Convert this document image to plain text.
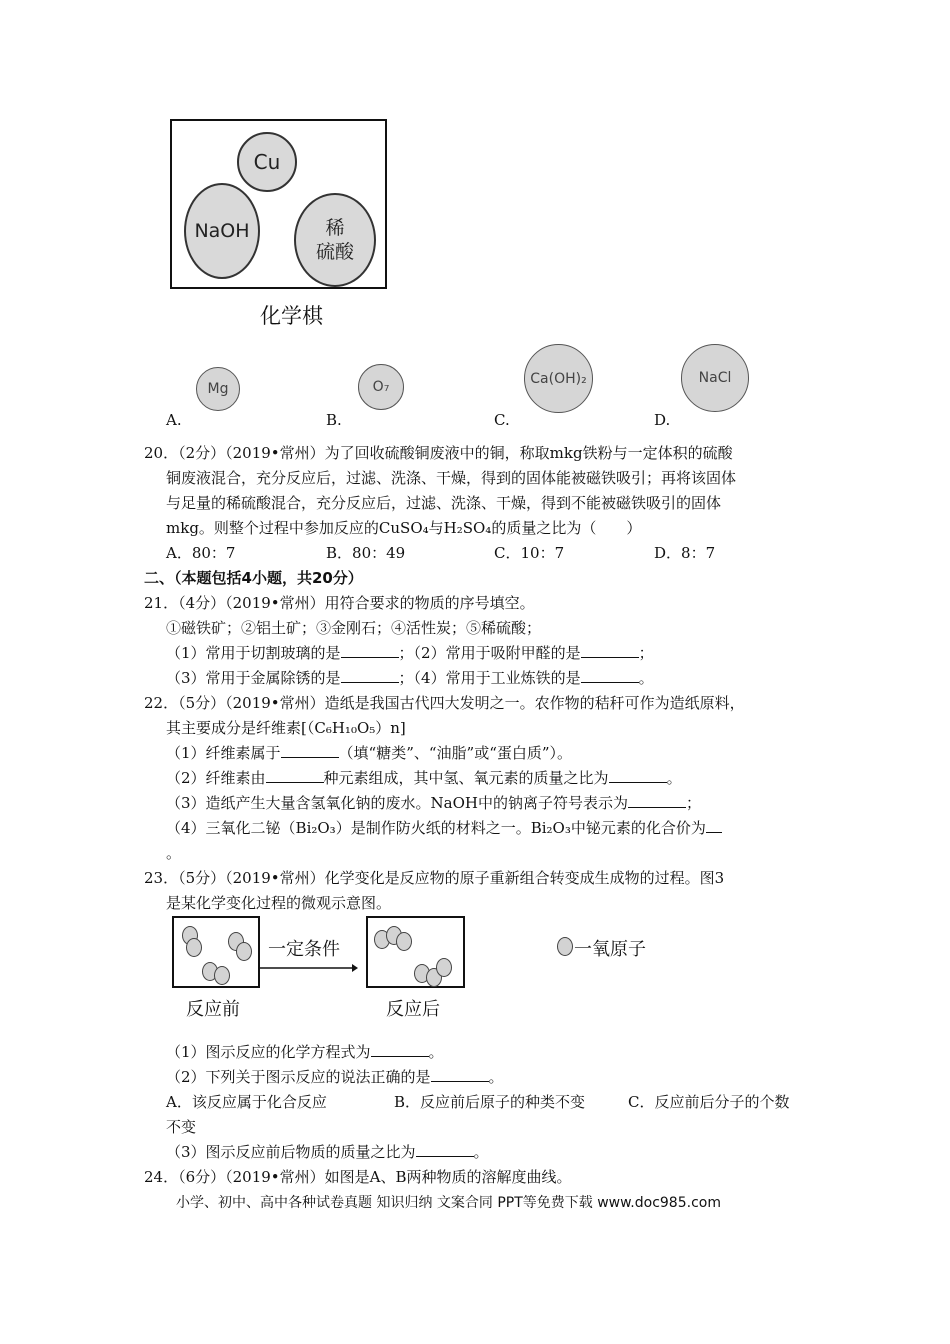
Cu
NaOH	稀
硫酸
化学棋
Mg
A.
O₇
B.
Ca(OH)₂
C.
NaCl
D.
20．（2分）（2019•常州）为了回收硫酸铜废液中的铜，称取mkg铁粉与一定体积的硫酸
铜废液混合，充分反应后，过滤、洗涤、干燥，得到的固体能被磁铁吸引；再将该固体
与足量的稀硫酸混合，充分反应后，过滤、洗涤、干燥，得到不能被磁铁吸引的固体
mkg。则整个过程中参加反应的CuSO₄与H₂SO₄的质量之比为（　　）
A．80：7	B．80：49	C．10：7	D．8：7
二、（本题包括4小题，共20分）
21．（4分）（2019•常州）用符合要求的物质的序号填空。
①磁铁矿；②铝土矿；③金刚石；④活性炭；⑤稀硫酸；
（1）常用于切割玻璃的是	；（2）常用于吸附甲醛的是	；
（3）常用于金属除锈的是	；（4）常用于工业炼铁的是	。
22．（5分）（2019•常州）造纸是我国古代四大发明之一。农作物的秸秆可作为造纸原料，
其主要成分是纤维素[（C₆H₁₀O₅）n]
（1）纤维素属于	（填“糖类”、“油脂”或“蛋白质”）。
（2）纤维素由	种元素组成，其中氢、氧元素的质量之比为	。
（3）造纸产生大量含氢氧化钠的废水。NaOH中的钠离子符号表示为	；
（4）三氧化二铋（Bi₂O₃）是制作防火纸的材料之一。Bi₂O₃中铋元素的化合价为
。
23．（5分）（2019•常州）化学变化是反应物的原子重新组合转变成生成物的过程。图3
是某化学变化过程的微观示意图。
一定条件	一氧原子
反应前	反应后
（1）图示反应的化学方程式为	。
（2）下列关于图示反应的说法正确的是	。
A．该反应属于化合反应	B．反应前后原子的种类不变	C．反应前后分子的个数
不变
（3）图示反应前后物质的质量之比为	。
24．（6分）（2019•常州）如图是A、B两种物质的溶解度曲线。
小学、初中、高中各种试卷真题 知识归纳 文案合同 PPT等免费下载 www.doc985.com
